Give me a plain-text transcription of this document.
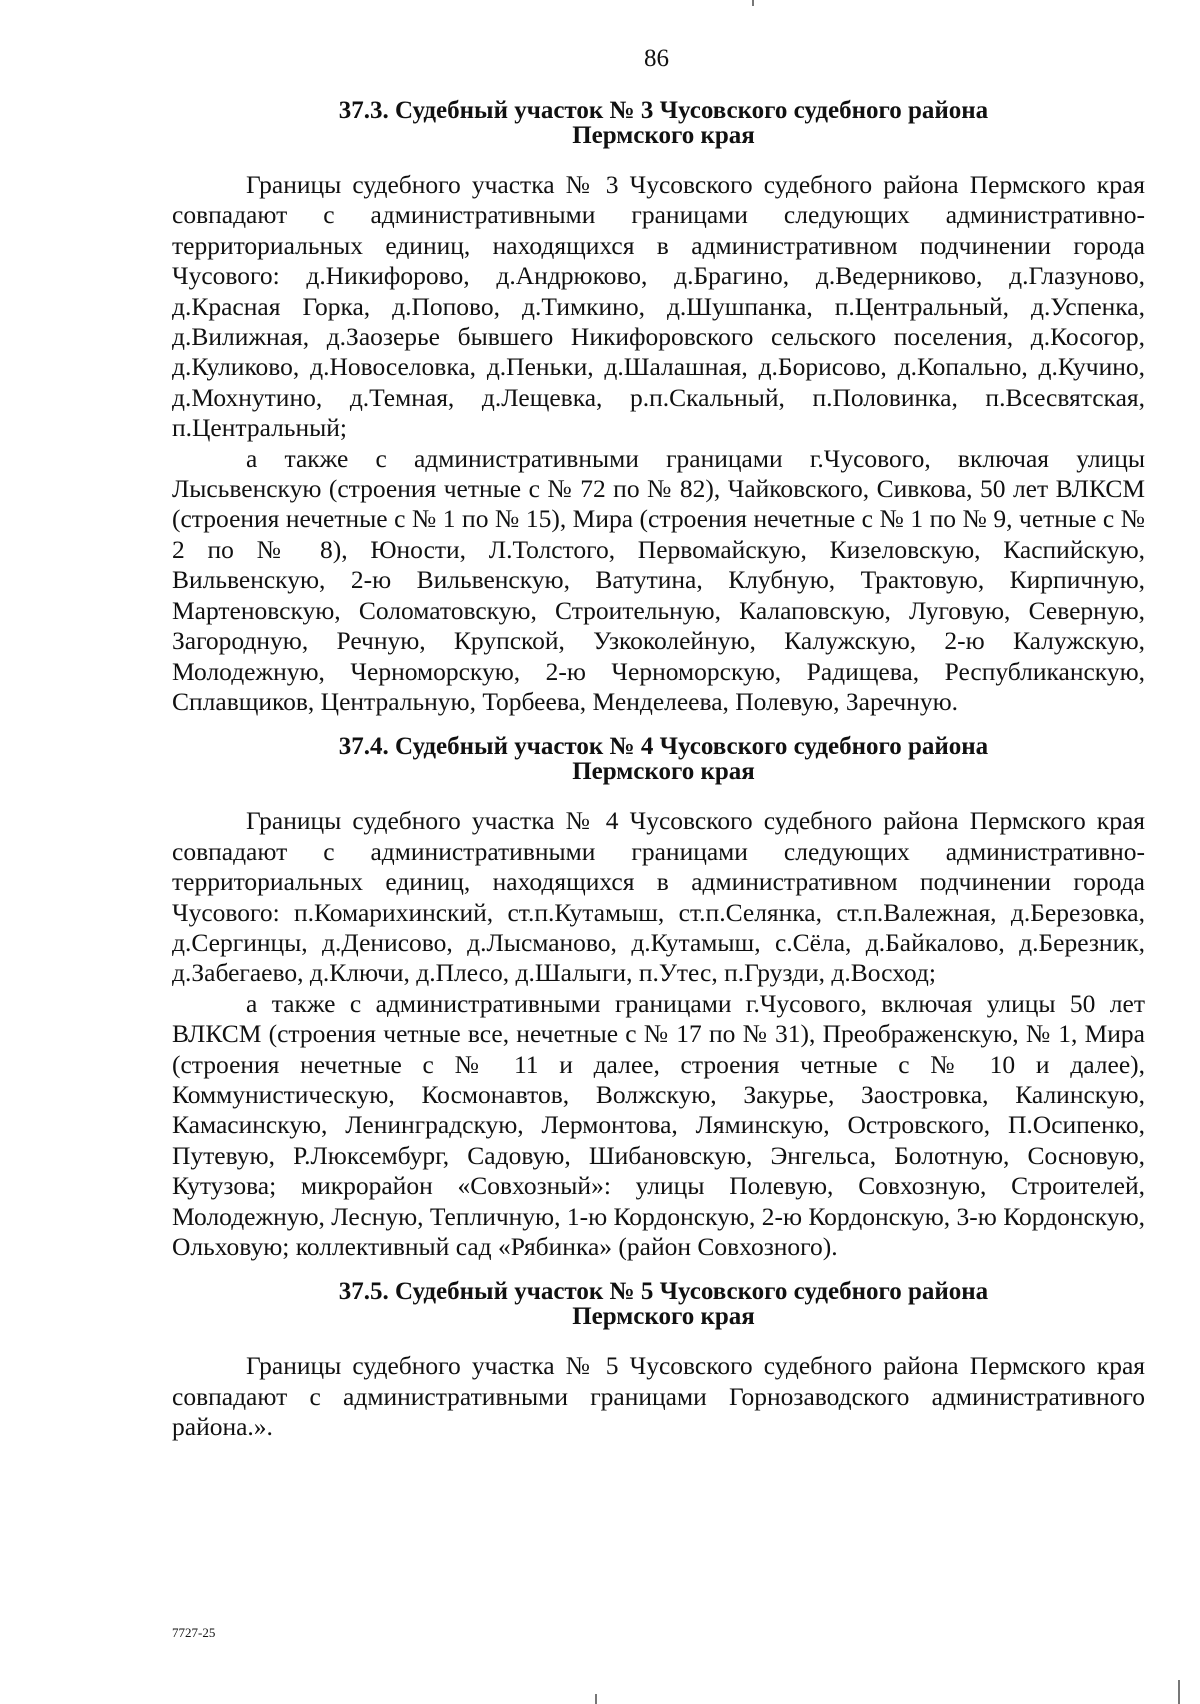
86
37.3. Судебный участок № 3 Чусовского судебного района
Пермского края

Границы судебного участка № 3 Чусовского судебного района Пермского края совпадают с административными границами следующих административно-территориальных единиц, находящихся в административном подчинении города Чусового: д.Никифорово, д.Андрюково, д.Брагино, д.Ведерниково, д.Глазуново, д.Красная Горка, д.Попово, д.Тимкино, д.Шушпанка, п.Центральный, д.Успенка, д.Вилижная, д.Заозерье бывшего Никифоровского сельского поселения, д.Косогор, д.Куликово, д.Новоселовка, д.Пеньки, д.Шалашная, д.Борисово, д.Копально, д.Кучино, д.Мохнутино, д.Темная, д.Лещевка, р.п.Скальный, п.Половинка, п.Всесвятская, п.Центральный;

а также с административными границами г.Чусового, включая улицы Лысьвенскую (строения четные с № 72 по № 82), Чайковского, Сивкова, 50 лет ВЛКСМ (строения нечетные с № 1 по № 15), Мира (строения нечетные с № 1 по № 9, четные с № 2 по № 8), Юности, Л.Толстого, Первомайскую, Кизеловскую, Каспийскую, Вильвенскую, 2-ю Вильвенскую, Ватутина, Клубную, Трактовую, Кирпичную, Мартеновскую, Соломатовскую, Строительную, Калаповскую, Луговую, Северную, Загородную, Речную, Крупской, Узкоколейную, Калужскую, 2-ю Калужскую, Молодежную, Черноморскую, 2-ю Черноморскую, Радищева, Республиканскую, Сплавщиков, Центральную, Торбеева, Менделеева, Полевую, Заречную.

37.4. Судебный участок № 4 Чусовского судебного района
Пермского края

Границы судебного участка № 4 Чусовского судебного района Пермского края совпадают с административными границами следующих административно-территориальных единиц, находящихся в административном подчинении города Чусового: п.Комарихинский, ст.п.Кутамыш, ст.п.Селянка, ст.п.Валежная, д.Березовка, д.Сергинцы, д.Денисово, д.Лысманово, д.Кутамыш, с.Сёла, д.Байкалово, д.Березник, д.Забегаево, д.Ключи, д.Плесо, д.Шалыги, п.Утес, п.Грузди, д.Восход;

а также с административными границами г.Чусового, включая улицы 50 лет ВЛКСМ (строения четные все, нечетные с № 17 по № 31), Преображенскую, № 1, Мира (строения нечетные с № 11 и далее, строения четные с № 10 и далее), Коммунистическую, Космонавтов, Волжскую, Закурье, Заостровка, Калинскую, Камасинскую, Ленинградскую, Лермонтова, Ляминскую, Островского, П.Осипенко, Путевую, Р.Люксембург, Садовую, Шибановскую, Энгельса, Болотную, Сосновую, Кутузова; микрорайон «Совхозный»: улицы Полевую, Совхозную, Строителей, Молодежную, Лесную, Тепличную, 1-ю Кордонскую, 2-ю Кордонскую, 3-ю Кордонскую, Ольховую; коллективный сад «Рябинка» (район Совхозного).

37.5. Судебный участок № 5 Чусовского судебного района
Пермского края

Границы судебного участка № 5 Чусовского судебного района Пермского края совпадают с административными границами Горнозаводского административного района.».

7727-25
